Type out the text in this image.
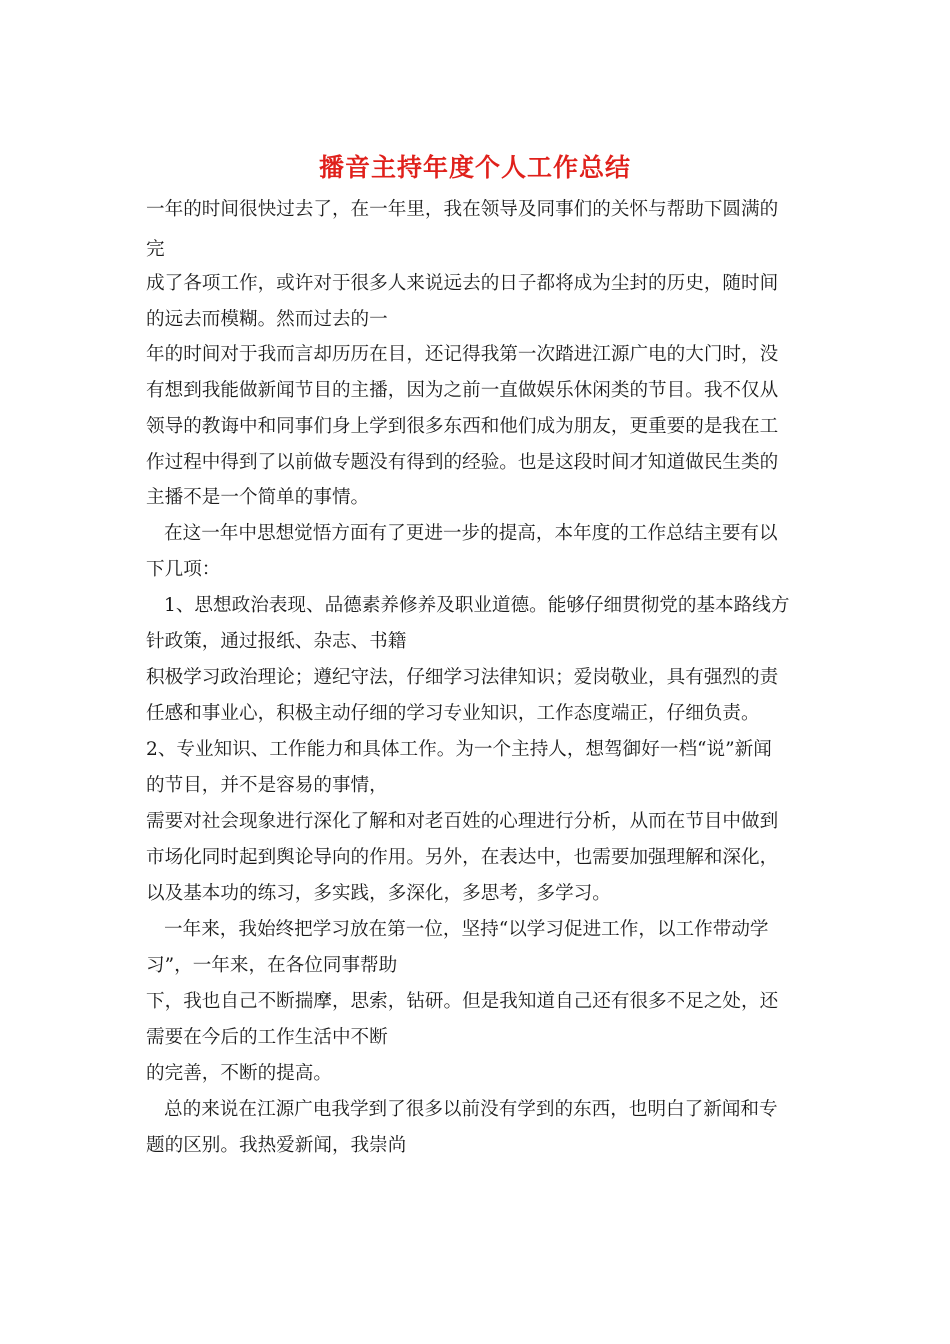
播音主持年度个人工作总结

一年的时间很快过去了，在一年里，我在领导及同事们的关怀与帮助下圆满的

完

成了各项工作，或许对于很多人来说远去的日子都将成为尘封的历史，随时间

的远去而模糊。然而过去的一

年的时间对于我而言却历历在目，还记得我第一次踏进江源广电的大门时，没

有想到我能做新闻节目的主播，因为之前一直做娱乐休闲类的节目。我不仅从

领导的教诲中和同事们身上学到很多东西和他们成为朋友，更重要的是我在工

作过程中得到了以前做专题没有得到的经验。也是这段时间才知道做民生类的

主播不是一个简单的事情。

在这一年中思想觉悟方面有了更进一步的提高，本年度的工作总结主要有以

下几项：

1、思想政治表现、品德素养修养及职业道德。能够仔细贯彻党的基本路线方

针政策，通过报纸、杂志、书籍

积极学习政治理论；遵纪守法，仔细学习法律知识；爱岗敬业，具有强烈的责

任感和事业心，积极主动仔细的学习专业知识，工作态度端正，仔细负责。

2、专业知识、工作能力和具体工作。为一个主持人，想驾御好一档“说”新闻

的节目，并不是容易的事情，

需要对社会现象进行深化了解和对老百姓的心理进行分析，从而在节目中做到

市场化同时起到舆论导向的作用。另外，在表达中，也需要加强理解和深化，

以及基本功的练习，多实践，多深化，多思考，多学习。

一年来，我始终把学习放在第一位，坚持“以学习促进工作，以工作带动学

习”，一年来，在各位同事帮助

下，我也自己不断揣摩，思索，钻研。但是我知道自己还有很多不足之处，还

需要在今后的工作生活中不断

的完善，不断的提高。

总的来说在江源广电我学到了很多以前没有学到的东西，也明白了新闻和专

题的区别。我热爱新闻，我崇尚
